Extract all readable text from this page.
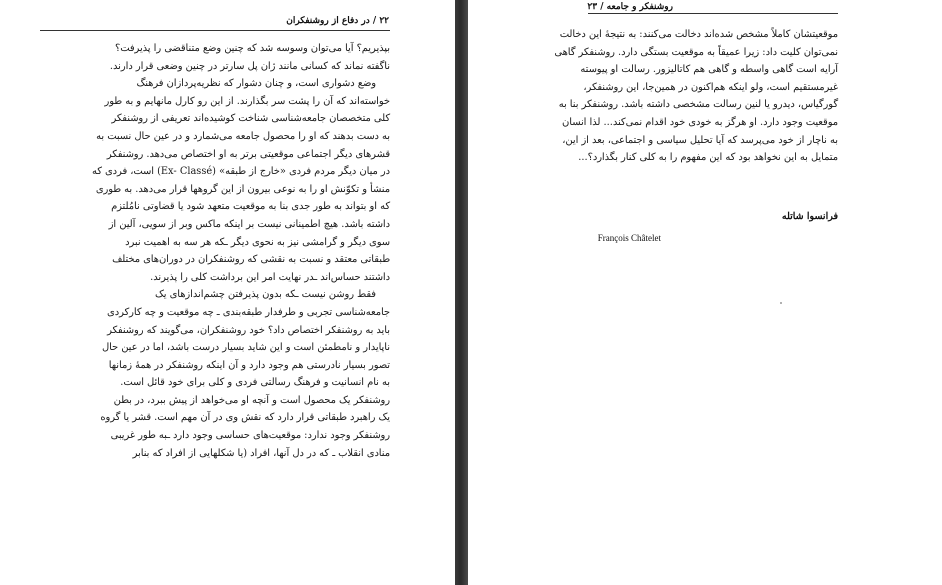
۲۲ / در دفاع از روشنفکران
بپذیریم؟ آیا می‌توان وسوسه شد که چنین وضع متناقضی را پذیرفت؟
ناگفته نماند که کسانی مانند ژان پل سارتر در چنین وضعی قرار دارند.
وضع دشواری است، و چنان دشوار که نظریه‌پردازان فرهنگ
خواسته‌اند که آن را پشت سر بگذارند. از این رو کارل مانهایم و به طور
کلی متخصصان جامعه‌شناسی شناخت کوشیده‌اند تعریفی از روشنفکر
به دست بدهند که او را محصول جامعه می‌شمارد و در عین حال نسبت به
قشرهای دیگر اجتماعی موقعیتی برتر به او اختصاص می‌دهد. روشنفکر
در میان دیگر مردم فردی «خارج از طبقه» (Ex- Classé) است، فردی که
منشأ و تکوّنش او را به نوعی بیرون از این گروهها قرار می‌دهد. به طوری
که او بتواند به طور جدی بنا به موقعیت متعهد شود یا قضاوتی نامُلتزم
داشته باشد. هیچ اطمینانی نیست بر اینکه ماکس وبر از سویی، آلین از
سوی دیگر و گرامشی نیز به نحوی دیگر ـکه هر سه به اهمیت نبرد
طبقاتی معتقد و نسبت به نقشی که روشنفکران در دوران‌های مختلف
داشتند حساس‌اند ـدر نهایت امر این برداشت کلی را پذیرند.
فقط روشن نیست ـکه بدون پذیرفتن چشم‌اندازهای یک
جامعه‌شناسی تجربی و طرفدار طبقه‌بندی ـ چه موقعیت و چه کارکردی
باید به روشنفکر اختصاص داد؟ خود روشنفکران، می‌گویند که روشنفکر
ناپایدار و نامطمئن است و این شاید بسیار درست باشد، اما در عین حال
تصور بسیار نادرستی هم وجود دارد و آن اینکه روشنفکر در همهٔ زمانها
به نام انسانیت و فرهنگ رسالتی فردی و کلی برای خود قائل است.
روشنفکر یک محصول است و آنچه او می‌خواهد از پیش ببرد، در بطن
یک راهبرد طبقاتی قرار دارد که نقش وی در آن مهم است. قشر یا گروه
روشنفکر وجود ندارد: موقعیت‌های حساسی وجود دارد ـبه طور غریبی
منادی انقلاب ـ که در دل آنها، افراد (یا شکلهایی از افراد که بنابر
روشنفکر و جامعه / ۲۳
موقعیتشان کاملاً مشخص شده‌اند دخالت می‌کنند: به نتیجهٔ این دخالت
نمی‌توان کلیت داد: زیرا عمیقاً به موقعیت بستگی دارد. روشنفکر گاهی
آرایه است گاهی واسطه و گاهی هم کاتالیزور. رسالت او پیوسته
غیرمستقیم است، ولو اینکه هم‌اکنون در همین‌جا، این روشنفکر،
گورگیاس، دیدرو یا لنین رسالت مشخصی داشته باشد. روشنفکر بنا به
موقعیت وجود دارد. او هرگز به خودی خود اقدام نمی‌کند... لذا انسان
به ناچار از خود می‌پرسد که آیا تحلیل سیاسی و اجتماعی، بعد از این،
متمایل به این نخواهد بود که این مفهوم را به کلی کنار بگذارد؟...
فرانسوا شاتله
François Châtelet
